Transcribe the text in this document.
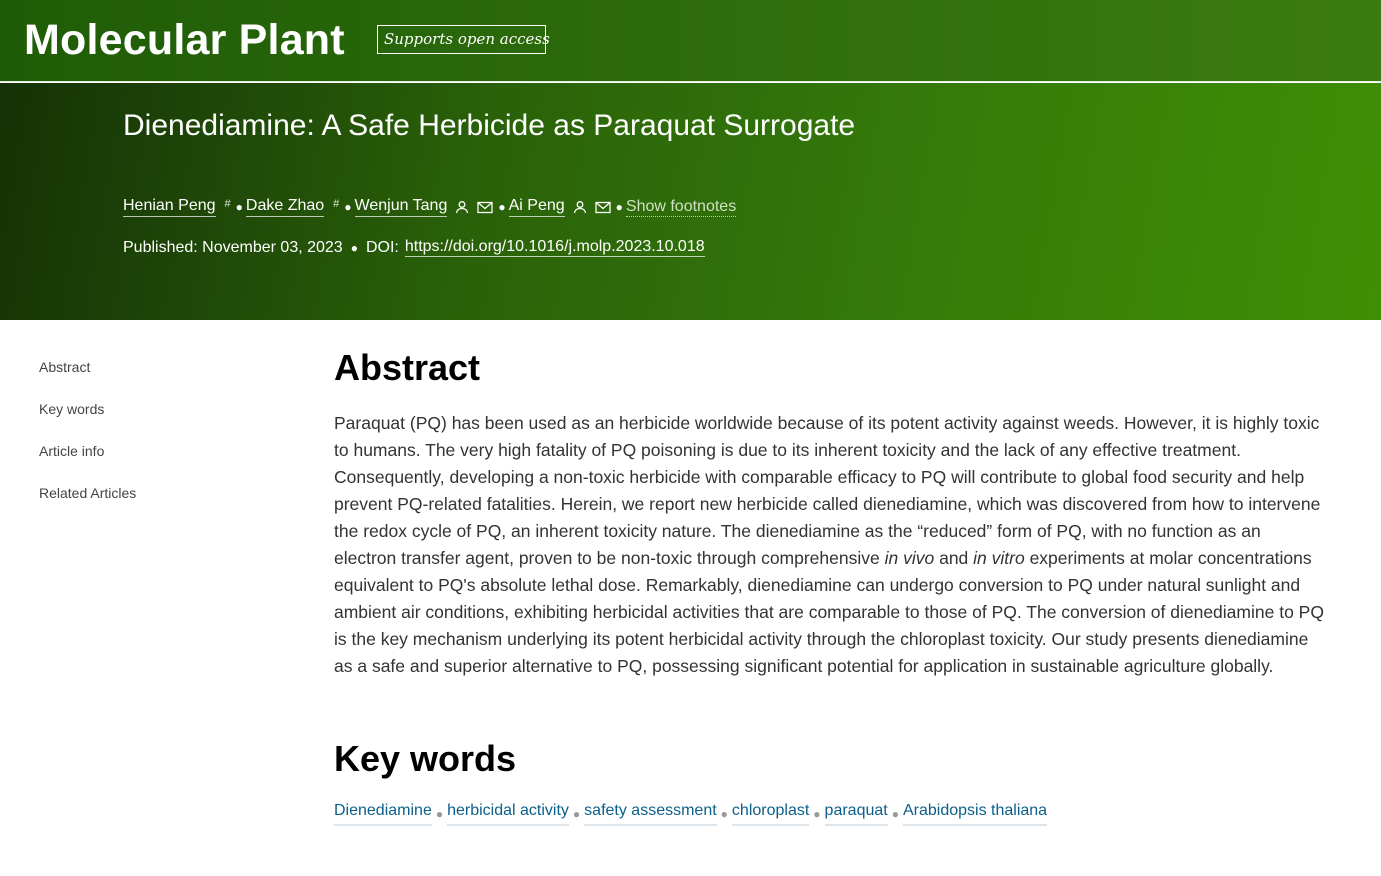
Molecular Plant	Supports open access
Dienediamine: A Safe Herbicide as Paraquat Surrogate
Henian Peng # ● Dake Zhao # ● Wenjun Tang	● Ai Peng	● Show footnotes
Published: November 03, 2023 ● DOI: https://doi.org/10.1016/j.molp.2023.10.018
Abstract
Key words
Article info
Related Articles
Abstract

Paraquat (PQ) has been used as an herbicide worldwide because of its potent activity against weeds. However, it is highly toxic to humans. The very high fatality of PQ poisoning is due to its inherent toxicity and the lack of any effective treatment. Consequently, developing a non-toxic herbicide with comparable efficacy to PQ will contribute to global food security and help prevent PQ-related fatalities. Herein, we report new herbicide called dienediamine, which was discovered from how to intervene the redox cycle of PQ, an inherent toxicity nature. The dienediamine as the “reduced” form of PQ, with no function as an electron transfer agent, proven to be non-toxic through comprehensive in vivo and in vitro experiments at molar concentrations equivalent to PQ's absolute lethal dose. Remarkably, dienediamine can undergo conversion to PQ under natural sunlight and ambient air conditions, exhibiting herbicidal activities that are comparable to those of PQ. The conversion of dienediamine to PQ is the key mechanism underlying its potent herbicidal activity through the chloroplast toxicity. Our study presents dienediamine as a safe and superior alternative to PQ, possessing significant potential for application in sustainable agriculture globally.

Key words
Dienediamine ● herbicidal activity ● safety assessment ● chloroplast ● paraquat ● Arabidopsis thaliana
